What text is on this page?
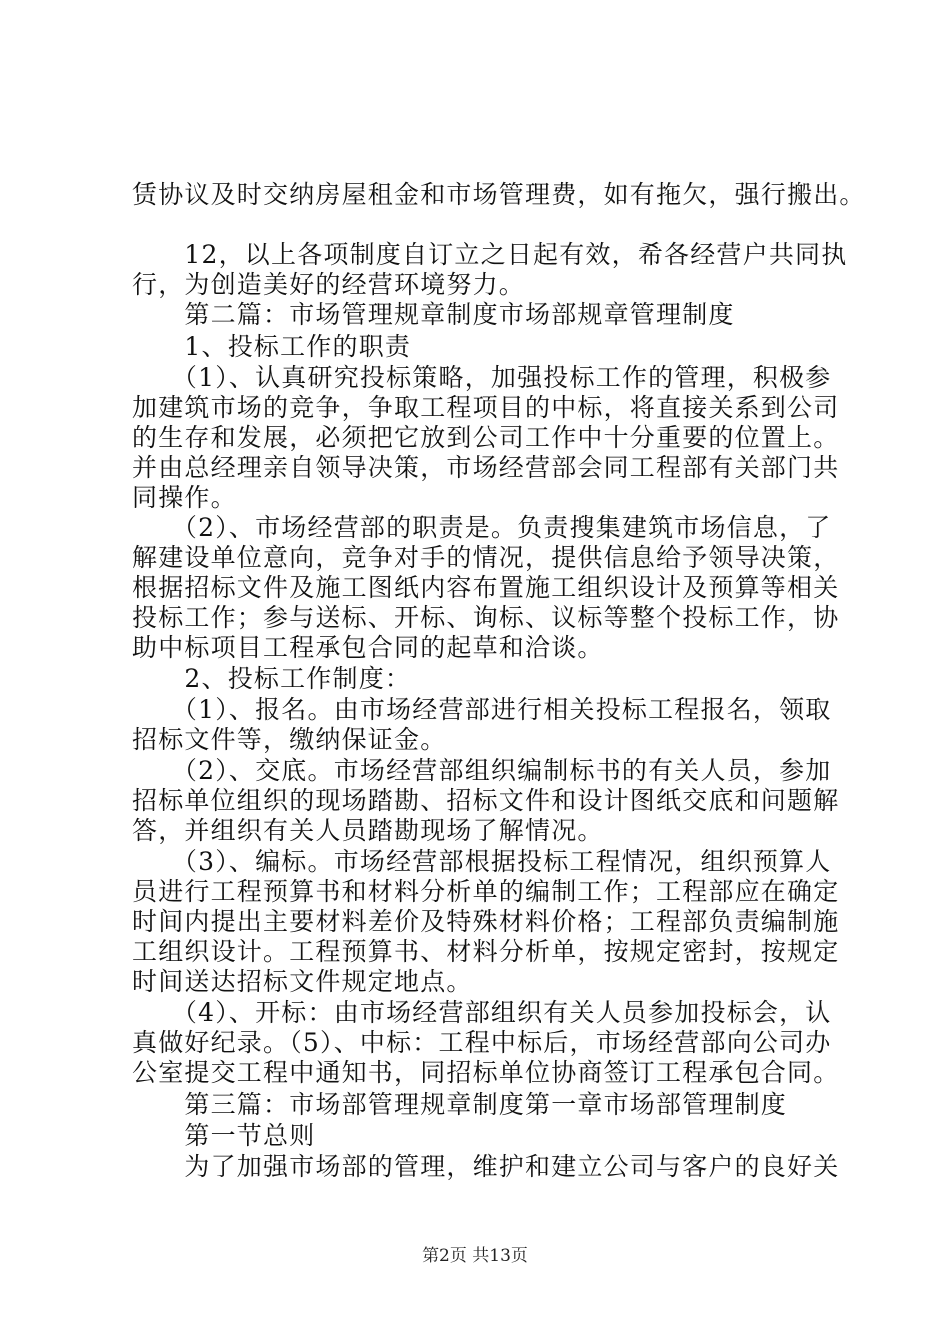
赁协议及时交纳房屋租金和市场管理费，如有拖欠，强行搬出。
　　12，以上各项制度自订立之日起有效，希各经营户共同执
行，为创造美好的经营环境努力。
　　第二篇：市场管理规章制度市场部规章管理制度
　　1、投标工作的职责
　　（1）、认真研究投标策略，加强投标工作的管理，积极参
加建筑市场的竞争，争取工程项目的中标，将直接关系到公司
的生存和发展，必须把它放到公司工作中十分重要的位置上。
并由总经理亲自领导决策，市场经营部会同工程部有关部门共
同操作。
　　（2）、市场经营部的职责是。负责搜集建筑市场信息，了
解建设单位意向，竞争对手的情况，提供信息给予领导决策，
根据招标文件及施工图纸内容布置施工组织设计及预算等相关
投标工作；参与送标、开标、询标、议标等整个投标工作，协
助中标项目工程承包合同的起草和洽谈。
　　2、投标工作制度：
　　（1）、报名。由市场经营部进行相关投标工程报名，领取
招标文件等，缴纳保证金。
　　（2）、交底。市场经营部组织编制标书的有关人员，参加
招标单位组织的现场踏勘、招标文件和设计图纸交底和问题解
答，并组织有关人员踏勘现场了解情况。
　　（3）、编标。市场经营部根据投标工程情况，组织预算人
员进行工程预算书和材料分析单的编制工作；工程部应在确定
时间内提出主要材料差价及特殊材料价格；工程部负责编制施
工组织设计。工程预算书、材料分析单，按规定密封，按规定
时间送达招标文件规定地点。
　　（4）、开标：由市场经营部组织有关人员参加投标会，认
真做好纪录。（5）、中标：工程中标后，市场经营部向公司办
公室提交工程中通知书，同招标单位协商签订工程承包合同。
　　第三篇：市场部管理规章制度第一章市场部管理制度
　　第一节总则
　　为了加强市场部的管理，维护和建立公司与客户的良好关
第2页 共13页
